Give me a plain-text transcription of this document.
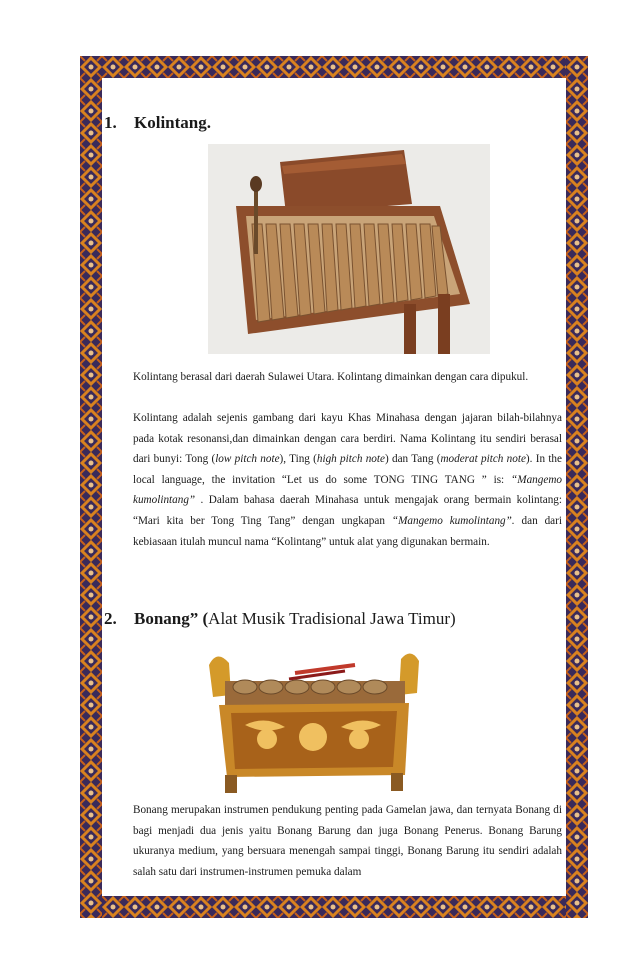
1. Kolintang.

Kolintang berasal dari daerah Sulawei Utara. Kolintang dimainkan dengan cara dipukul.

Kolintang adalah sejenis gambang dari kayu Khas Minahasa dengan jajaran bilah-bilahnya pada kotak resonansi,dan dimainkan dengan cara berdiri. Nama Kolintang itu sendiri berasal dari bunyi: Tong (low pitch note), Ting (high pitch note) dan Tang (moderat pitch note). In the local language, the invitation “Let us do some TONG TING TANG ” is: “Mangemo kumolintang” . Dalam bahasa daerah Minahasa untuk mengajak orang bermain kolintang: “Mari kita ber Tong Ting Tang” dengan ungkapan “Mangemo kumolintang”. dan dari kebiasaan itulah muncul nama “Kolintang” untuk alat yang digunakan bermain.

2. Bonang” (Alat Musik Tradisional Jawa Timur)

Bonang merupakan instrumen pendukung penting pada Gamelan jawa, dan ternyata Bonang di bagi menjadi dua jenis yaitu Bonang Barung dan juga Bonang Penerus. Bonang Barung ukuranya medium, yang bersuara menengah sampai tinggi, Bonang Barung itu sendiri adalah salah satu dari instrumen-instrumen pemuka dalam
